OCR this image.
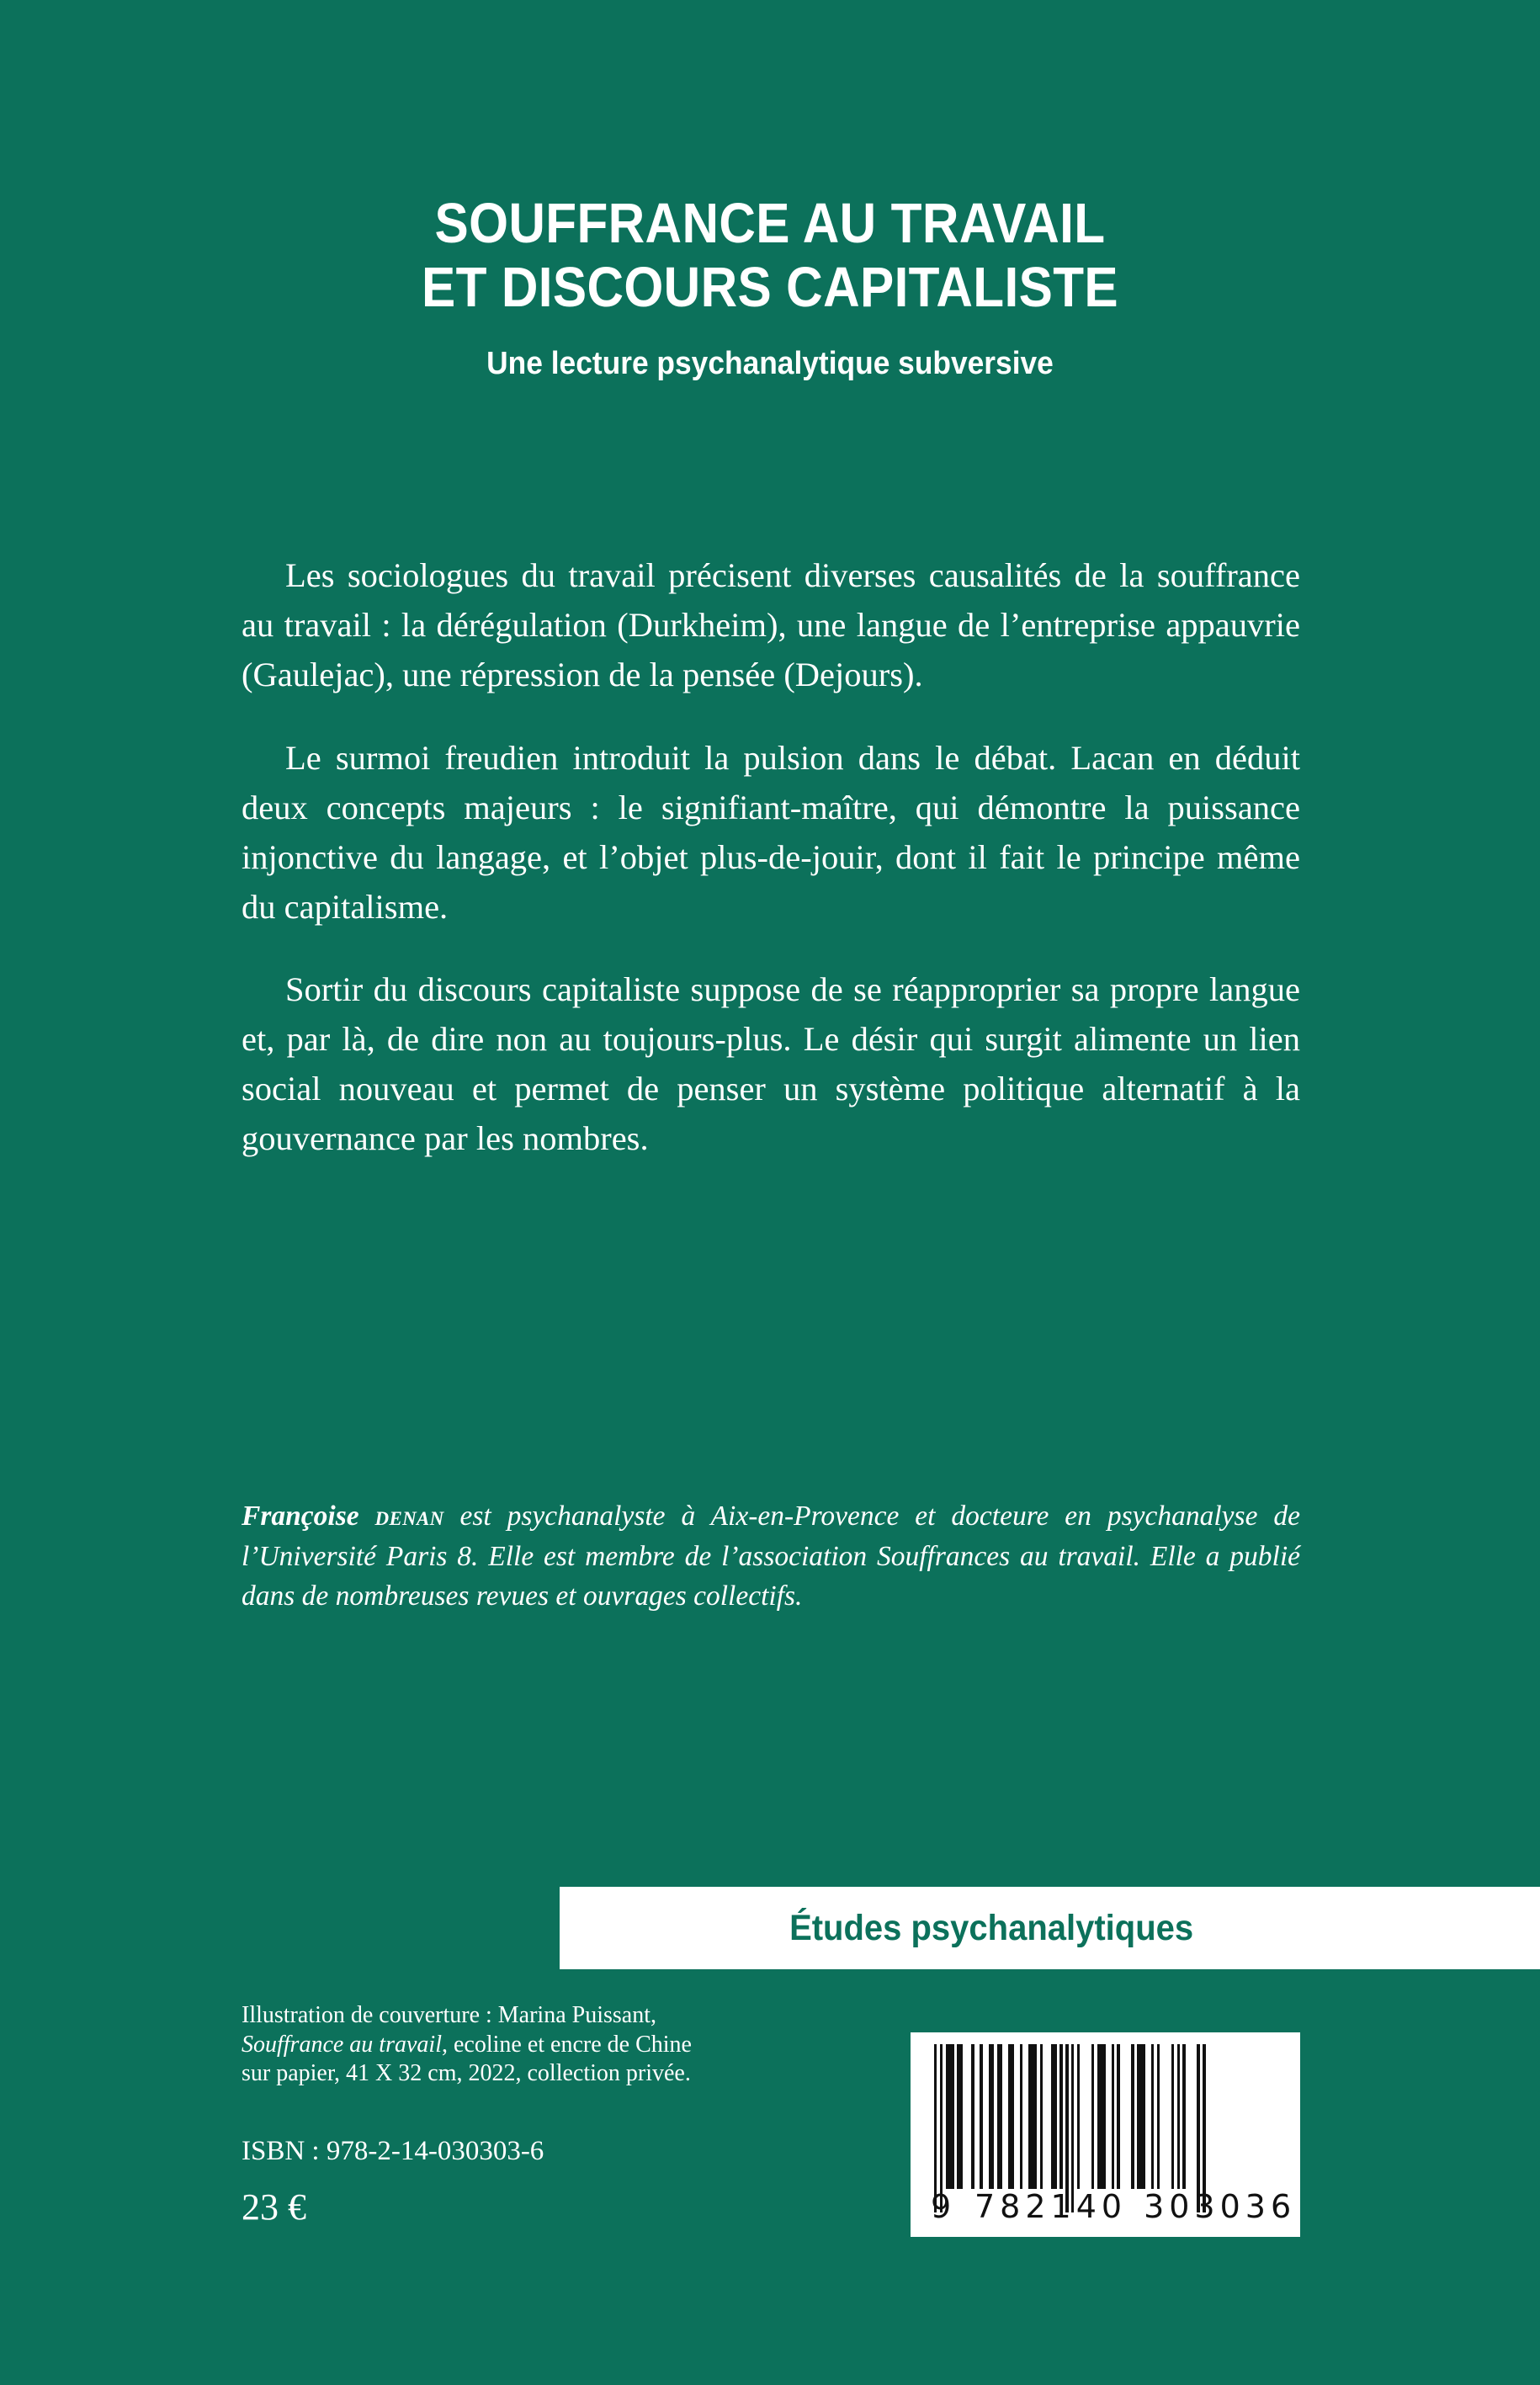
SOUFFRANCE AU TRAVAIL
ET DISCOURS CAPITALISTE
Une lecture psychanalytique subversive

Les sociologues du travail précisent diverses causalités de la souffrance au travail : la dérégulation (Durkheim), une langue de l’entreprise appauvrie (Gaulejac), une répression de la pensée (Dejours).

Le surmoi freudien introduit la pulsion dans le débat. Lacan en déduit deux concepts majeurs : le signifiant-maître, qui démontre la puissance injonctive du langage, et l’objet plus-de-jouir, dont il fait le principe même du capitalisme.

Sortir du discours capitaliste suppose de se réapproprier sa propre langue et, par là, de dire non au toujours-plus. Le désir qui surgit alimente un lien social nouveau et permet de penser un système politique alternatif à la gouvernance par les nombres.

Françoise denan est psychanalyste à Aix-en-Provence et docteure en psychanalyse de l’Université Paris 8. Elle est membre de l’association Souffrances au travail. Elle a publié dans de nombreuses revues et ouvrages collectifs.

Études psychanalytiques
Illustration de couverture : Marina Puissant,
Souffrance au travail, ecoline et encre de Chine
sur papier, 41 X 32 cm, 2022, collection privée.
ISBN : 978-2-14-030303-6
23 €	9 782140 303036
